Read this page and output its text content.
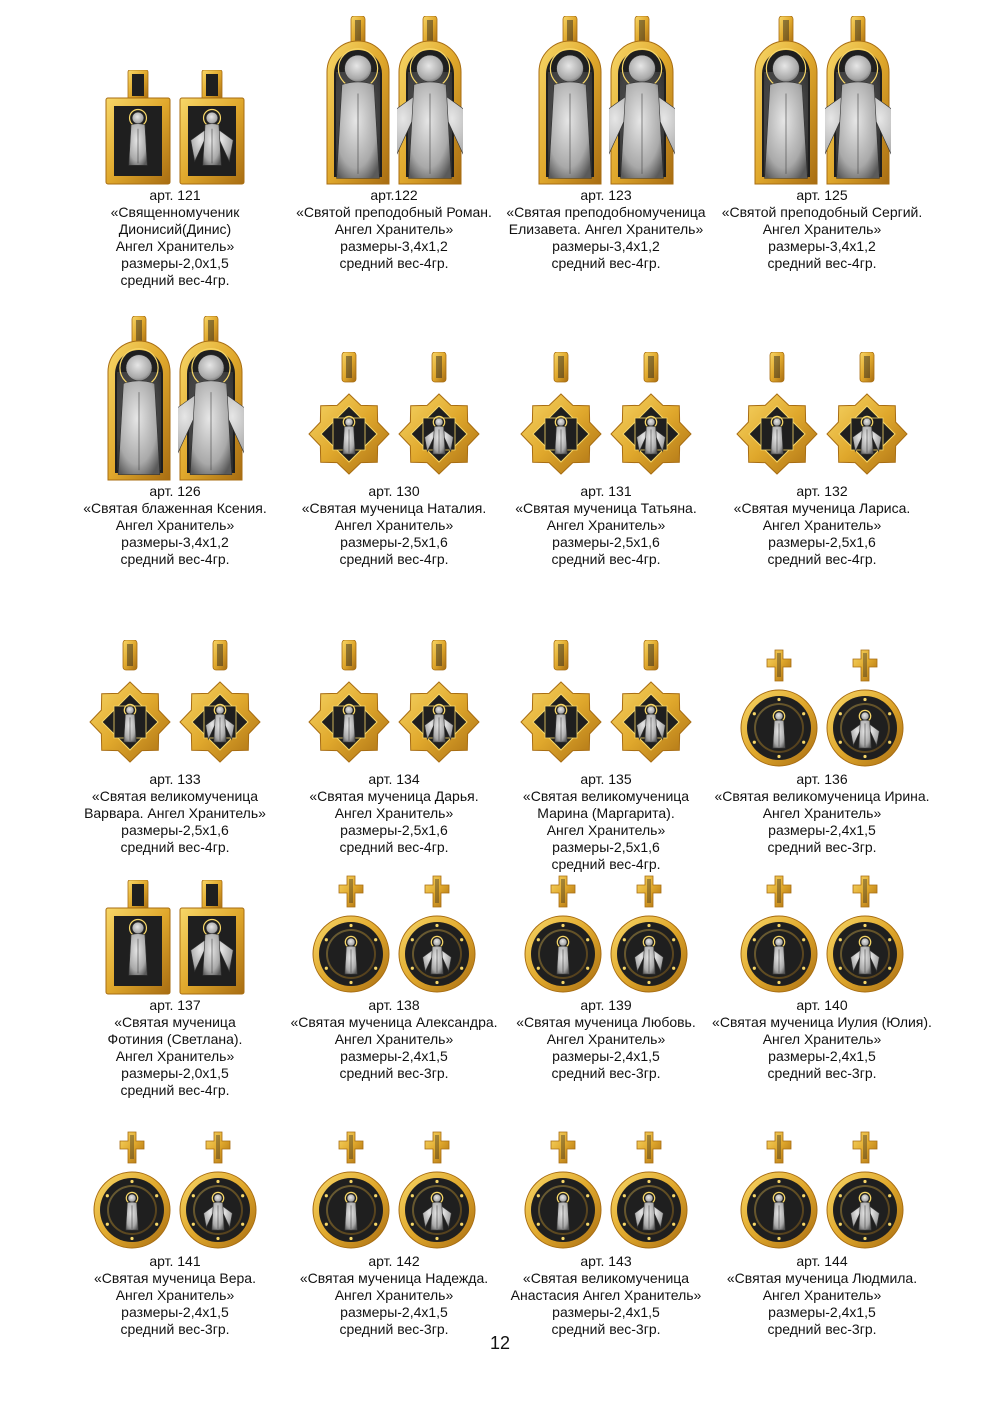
арт. 121
«Священномученик
Дионисий(Динис)
Ангел Хранитель»
размеры-2,0x1,5
средний вес-4гр.
арт.122
«Святой преподобный Роман.
Ангел Хранитель»
размеры-3,4x1,2
средний вес-4гр.
арт. 123
«Святая преподобномученица
Елизавета. Ангел Хранитель»
размеры-3,4x1,2
средний вес-4гр.
арт. 125
«Святой преподобный Сергий.
Ангел Хранитель»
размеры-3,4x1,2
средний вес-4гр.
арт. 126
«Святая блаженная Ксения.
Ангел Хранитель»
размеры-3,4x1,2
средний вес-4гр.
арт. 130
«Святая мученица Наталия.
Ангел Хранитель»
размеры-2,5x1,6
средний вес-4гр.
арт. 131
«Святая мученица Татьяна.
Ангел Хранитель»
размеры-2,5x1,6
средний вес-4гр.
арт. 132
«Святая мученица Лариса.
Ангел Хранитель»
размеры-2,5x1,6
средний вес-4гр.
арт. 133
«Святая великомученица
Варвара. Ангел Хранитель»
размеры-2,5x1,6
средний вес-4гр.
арт. 134
«Святая мученица Дарья.
Ангел Хранитель»
размеры-2,5x1,6
средний вес-4гр.
арт. 135
«Святая великомученица
Марина (Маргарита).
Ангел Хранитель»
размеры-2,5x1,6
средний вес-4гр.
арт. 136
«Святая великомученица Ирина.
Ангел Хранитель»
размеры-2,4x1,5
средний вес-3гр.
арт. 137
«Святая мученица
Фотиния (Светлана).
Ангел Хранитель»
размеры-2,0x1,5
средний вес-4гр.
арт. 138
«Святая мученица Александра.
Ангел Хранитель»
размеры-2,4x1,5
средний вес-3гр.
арт. 139
«Святая мученица Любовь.
Ангел Хранитель»
размеры-2,4x1,5
средний вес-3гр.
арт. 140
«Святая мученица Иулия (Юлия).
Ангел Хранитель»
размеры-2,4x1,5
средний вес-3гр.
арт. 141
«Святая мученица Вера.
Ангел Хранитель»
размеры-2,4x1,5
средний вес-3гр.
арт. 142
«Святая мученица Надежда.
Ангел Хранитель»
размеры-2,4x1,5
средний вес-3гр.
арт. 143
«Святая великомученица
Анастасия Ангел Хранитель»
размеры-2,4x1,5
средний вес-3гр.
арт. 144
«Святая мученица Людмила.
Ангел Хранитель»
размеры-2,4x1,5
средний вес-3гр.
12
